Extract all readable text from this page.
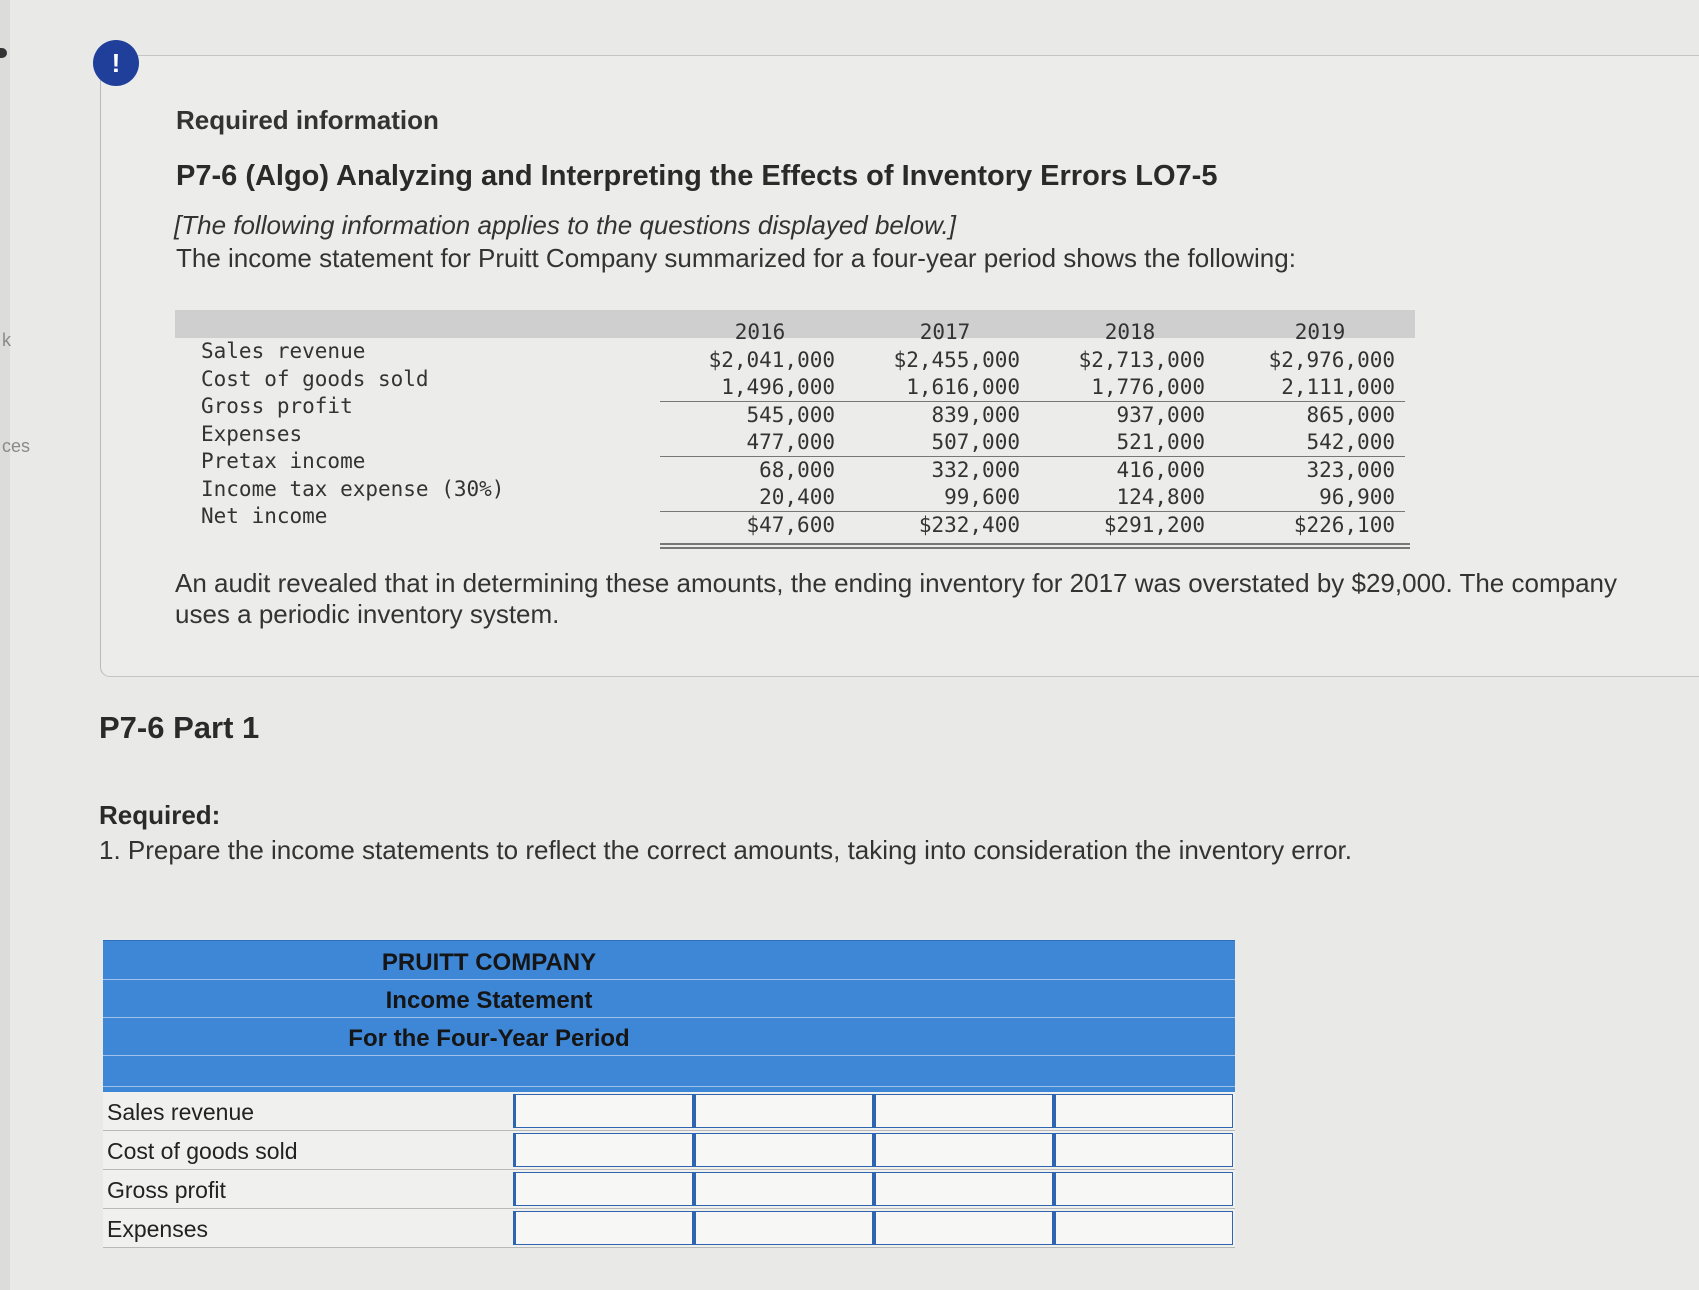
k
ces
!
Required information
P7-6 (Algo) Analyzing and Interpreting the Effects of Inventory Errors LO7-5
[The following information applies to the questions displayed below.]
The income statement for Pruitt Company summarized for a four-year period shows the following:
Sales revenue
Cost of goods sold
Gross profit
Expenses
Pretax income
Income tax expense (30%)
Net income
2016
$2,041,000
1,496,000
545,000
477,000
68,000
20,400
$47,600
2017
$2,455,000
1,616,000
839,000
507,000
332,000
99,600
$232,400
2018
$2,713,000
1,776,000
937,000
521,000
416,000
124,800
$291,200
2019
$2,976,000
2,111,000
865,000
542,000
323,000
96,900
$226,100
An audit revealed that in determining these amounts, the ending inventory for 2017 was overstated by $29,000. The company uses a periodic inventory system.
P7-6 Part 1
Required:
1. Prepare the income statements to reflect the correct amounts, taking into consideration the inventory error.
PRUITT COMPANY
Income Statement
For the Four-Year Period
Sales revenue
Cost of goods sold
Gross profit
Expenses
